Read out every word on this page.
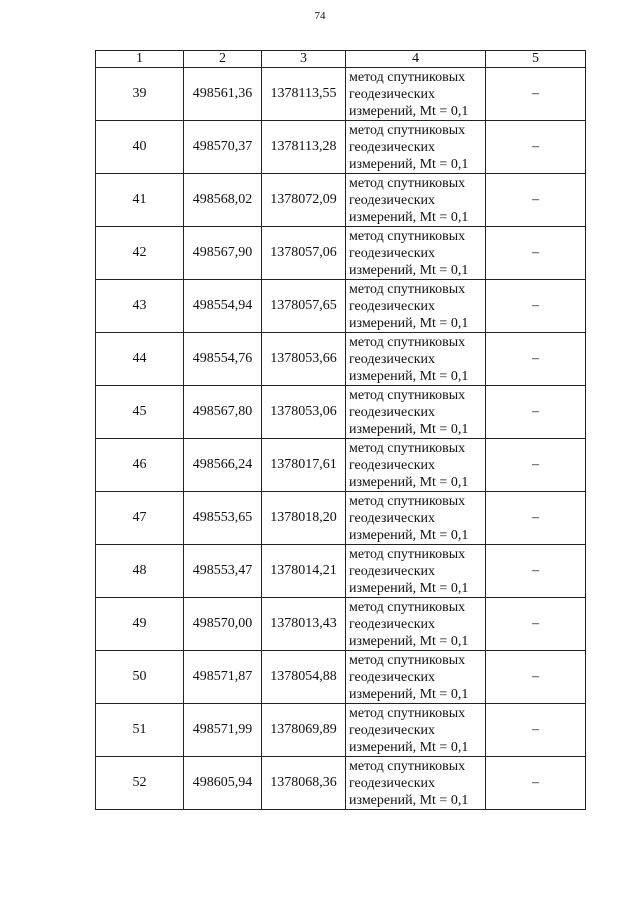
74
1	2	3	4	5
39	498561,36	1378113,55	метод спутниковых геодезических измерений, Mt = 0,1	–
40	498570,37	1378113,28	метод спутниковых геодезических измерений, Mt = 0,1	–
41	498568,02	1378072,09	метод спутниковых геодезических измерений, Mt = 0,1	–
42	498567,90	1378057,06	метод спутниковых геодезических измерений, Mt = 0,1	–
43	498554,94	1378057,65	метод спутниковых геодезических измерений, Mt = 0,1	–
44	498554,76	1378053,66	метод спутниковых геодезических измерений, Mt = 0,1	–
45	498567,80	1378053,06	метод спутниковых геодезических измерений, Mt = 0,1	–
46	498566,24	1378017,61	метод спутниковых геодезических измерений, Mt = 0,1	–
47	498553,65	1378018,20	метод спутниковых геодезических измерений, Mt = 0,1	–
48	498553,47	1378014,21	метод спутниковых геодезических измерений, Mt = 0,1	–
49	498570,00	1378013,43	метод спутниковых геодезических измерений, Mt = 0,1	–
50	498571,87	1378054,88	метод спутниковых геодезических измерений, Mt = 0,1	–
51	498571,99	1378069,89	метод спутниковых геодезических измерений, Mt = 0,1	–
52	498605,94	1378068,36	метод спутниковых геодезических измерений, Mt = 0,1	–
